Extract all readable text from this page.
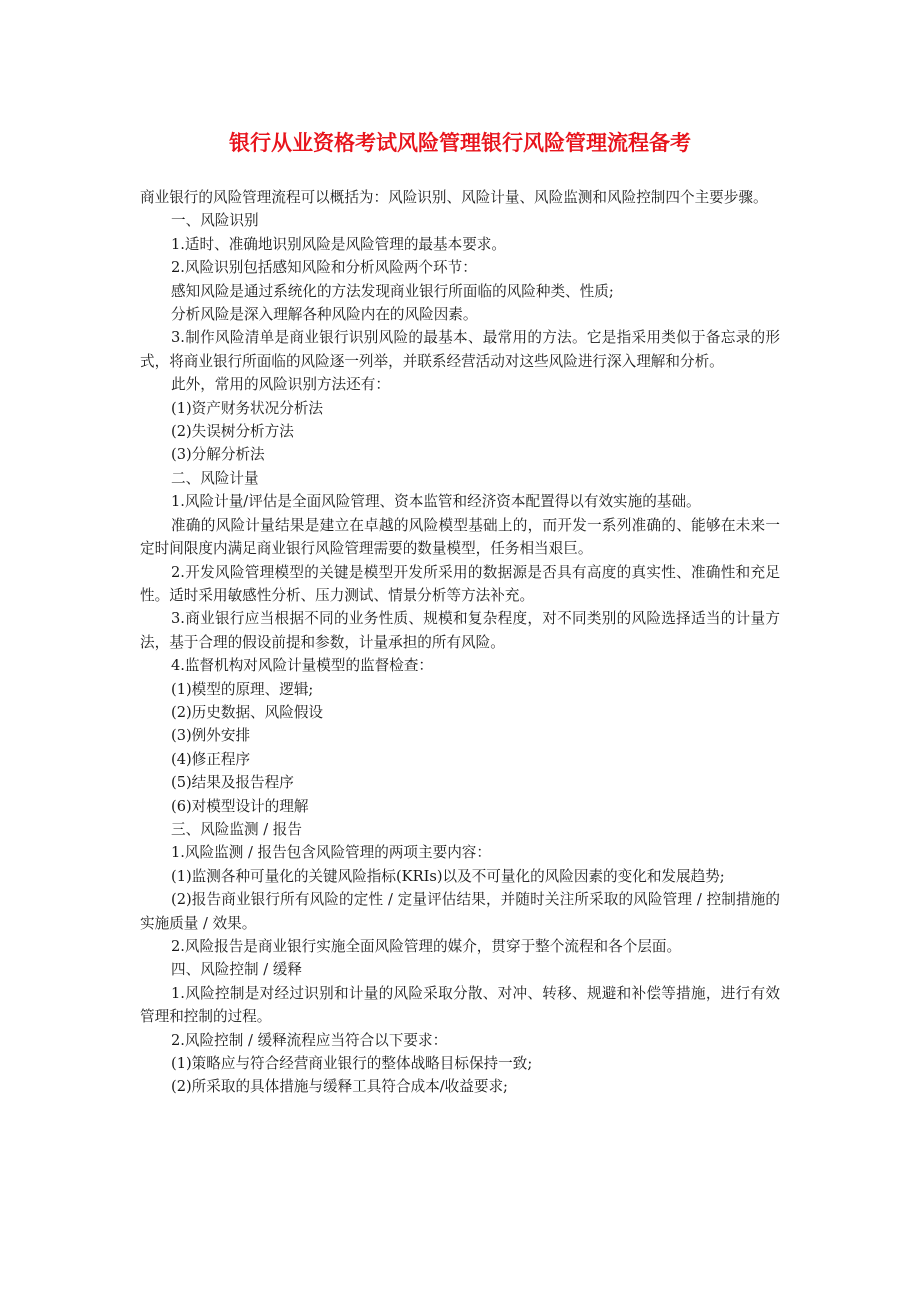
银行从业资格考试风险管理银行风险管理流程备考

商业银行的风险管理流程可以概括为：风险识别、风险计量、风险监测和风险控制四个主要步骤。

一、风险识别

1.适时、准确地识别风险是风险管理的最基本要求。

2.风险识别包括感知风险和分析风险两个环节：

感知风险是通过系统化的方法发现商业银行所面临的风险种类、性质;

分析风险是深入理解各种风险内在的风险因素。

3.制作风险清单是商业银行识别风险的最基本、最常用的方法。它是指采用类似于备忘录的形式，将商业银行所面临的风险逐一列举，并联系经营活动对这些风险进行深入理解和分析。

此外，常用的风险识别方法还有：

(1)资产财务状况分析法

(2)失误树分析方法

(3)分解分析法

二、风险计量

1.风险计量/评估是全面风险管理、资本监管和经济资本配置得以有效实施的基础。

准确的风险计量结果是建立在卓越的风险模型基础上的，而开发一系列准确的、能够在未来一定时间限度内满足商业银行风险管理需要的数量模型，任务相当艰巨。

2.开发风险管理模型的关键是模型开发所采用的数据源是否具有高度的真实性、准确性和充足性。适时采用敏感性分析、压力测试、情景分析等方法补充。

3.商业银行应当根据不同的业务性质、规模和复杂程度，对不同类别的风险选择适当的计量方法，基于合理的假设前提和参数，计量承担的所有风险。

4.监督机构对风险计量模型的监督检查：

(1)模型的原理、逻辑;

(2)历史数据、风险假设

(3)例外安排

(4)修正程序

(5)结果及报告程序

(6)对模型设计的理解

三、风险监测 / 报告

1.风险监测 / 报告包含风险管理的两项主要内容：

(1)监测各种可量化的关键风险指标(KRIs)以及不可量化的风险因素的变化和发展趋势;

(2)报告商业银行所有风险的定性 / 定量评估结果，并随时关注所采取的风险管理 / 控制措施的实施质量 / 效果。

2.风险报告是商业银行实施全面风险管理的媒介，贯穿于整个流程和各个层面。

四、风险控制 / 缓释

1.风险控制是对经过识别和计量的风险采取分散、对冲、转移、规避和补偿等措施，进行有效管理和控制的过程。

2.风险控制 / 缓释流程应当符合以下要求：

(1)策略应与符合经营商业银行的整体战略目标保持一致;

(2)所采取的具体措施与缓释工具符合成本/收益要求;
